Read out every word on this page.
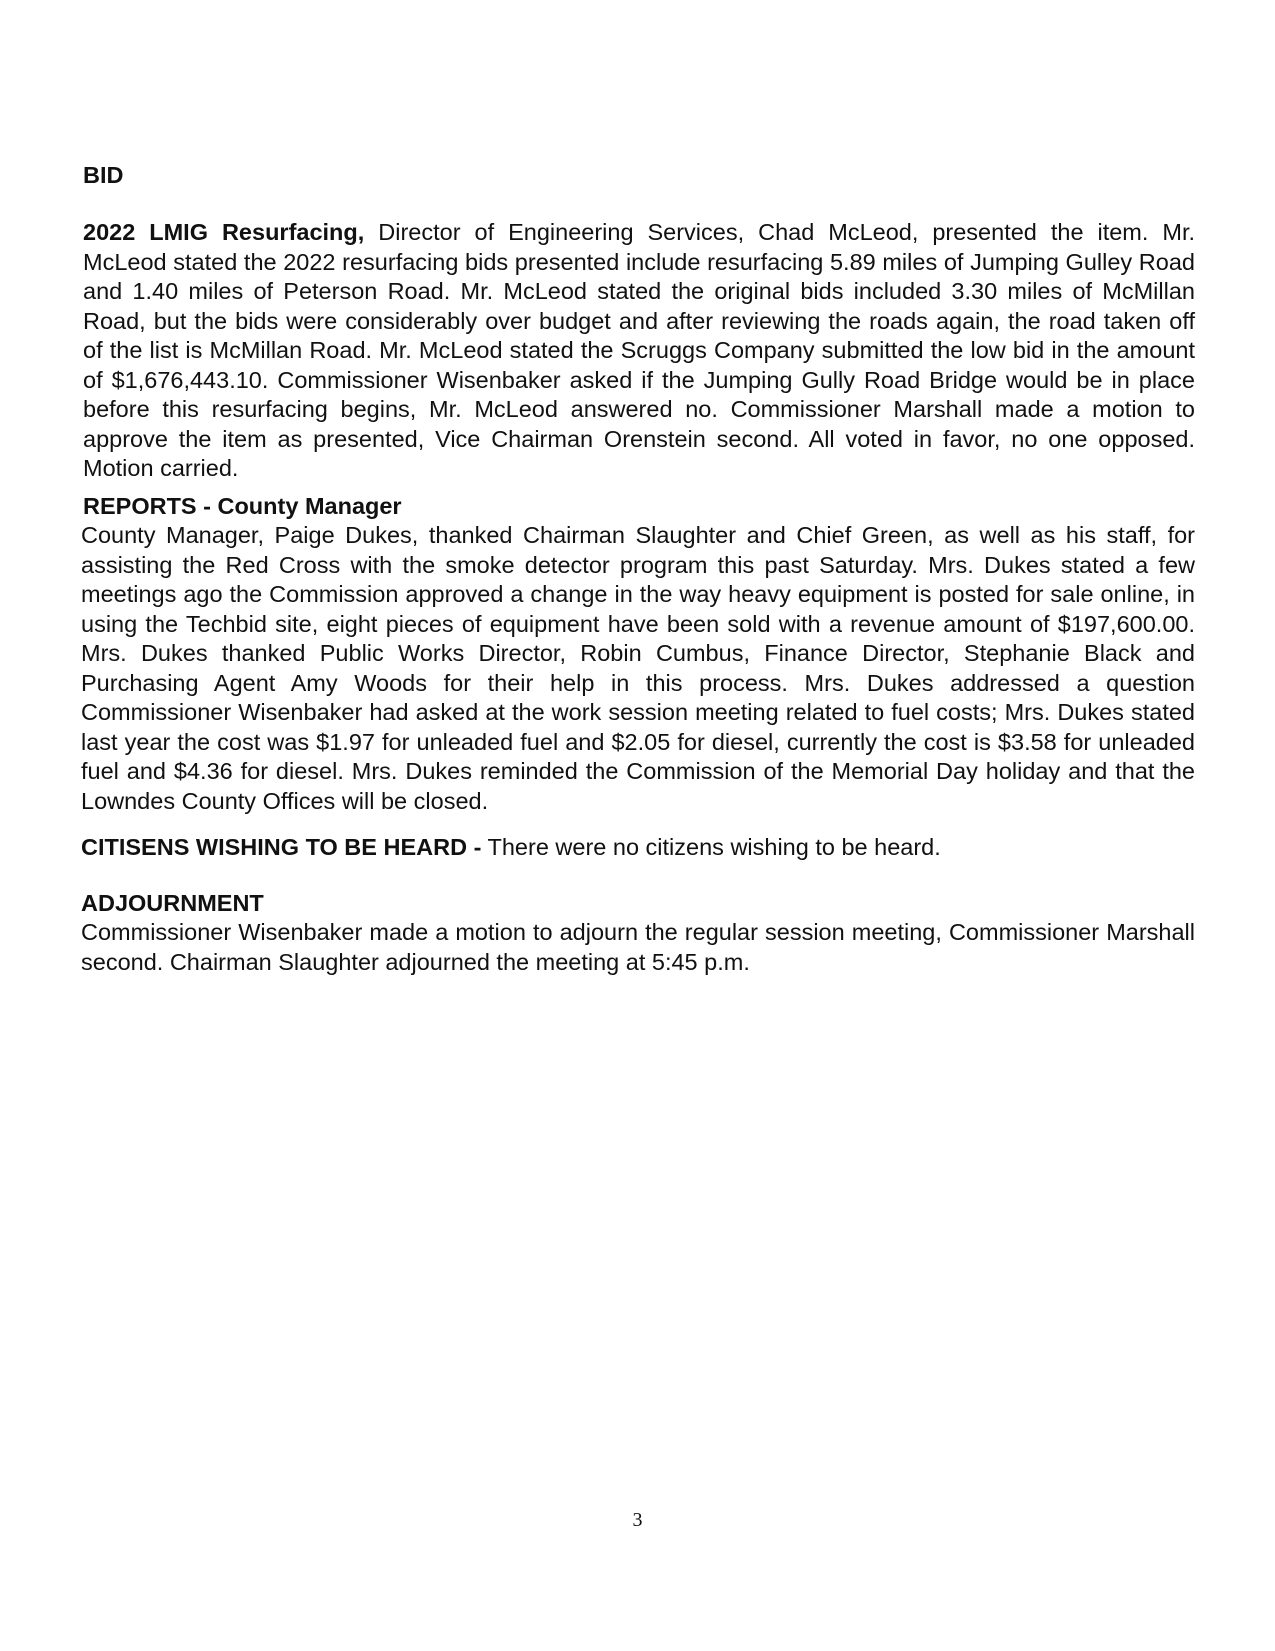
BID
2022 LMIG Resurfacing, Director of Engineering Services, Chad McLeod, presented the item. Mr. McLeod stated the 2022 resurfacing bids presented include resurfacing 5.89 miles of Jumping Gulley Road and 1.40 miles of Peterson Road. Mr. McLeod stated the original bids included 3.30 miles of McMillan Road, but the bids were considerably over budget and after reviewing the roads again, the road taken off of the list is McMillan Road. Mr. McLeod stated the Scruggs Company submitted the low bid in the amount of $1,676,443.10. Commissioner Wisenbaker asked if the Jumping Gully Road Bridge would be in place before this resurfacing begins, Mr. McLeod answered no. Commissioner Marshall made a motion to approve the item as presented, Vice Chairman Orenstein second. All voted in favor, no one opposed. Motion carried.
REPORTS - County Manager
County Manager, Paige Dukes, thanked Chairman Slaughter and Chief Green, as well as his staff, for assisting the Red Cross with the smoke detector program this past Saturday. Mrs. Dukes stated a few meetings ago the Commission approved a change in the way heavy equipment is posted for sale online, in using the Techbid site, eight pieces of equipment have been sold with a revenue amount of $197,600.00. Mrs. Dukes thanked Public Works Director, Robin Cumbus, Finance Director, Stephanie Black and Purchasing Agent Amy Woods for their help in this process. Mrs. Dukes addressed a question Commissioner Wisenbaker had asked at the work session meeting related to fuel costs; Mrs. Dukes stated last year the cost was $1.97 for unleaded fuel and $2.05 for diesel, currently the cost is $3.58 for unleaded fuel and $4.36 for diesel. Mrs. Dukes reminded the Commission of the Memorial Day holiday and that the Lowndes County Offices will be closed.
CITISENS WISHING TO BE HEARD - There were no citizens wishing to be heard.
ADJOURNMENT
Commissioner Wisenbaker made a motion to adjourn the regular session meeting, Commissioner Marshall second. Chairman Slaughter adjourned the meeting at 5:45 p.m.
3
